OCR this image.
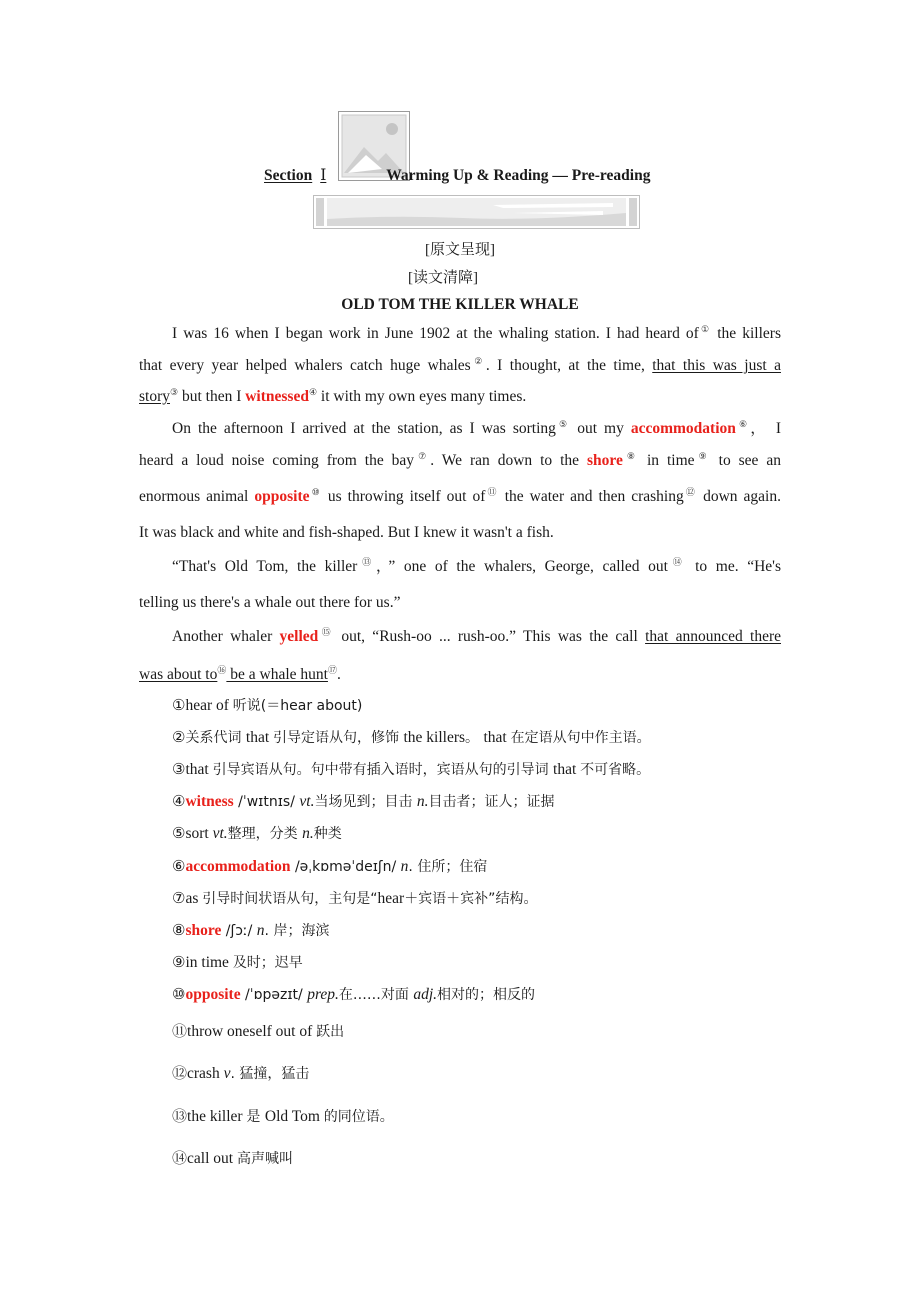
Section Ⅰ	Warming Up & Reading — Pre-reading
[原文呈现]
[读文清障]
OLD TOM THE KILLER WHALE
I was 16 when I began work in June 1902 at the whaling station. I had heard of① the killers
that every year helped whalers catch huge whales②. I thought, at the time, that this was just a
story③ but then I witnessed④ it with my own eyes many times.
On the afternoon I arrived at the station, as I was sorting⑤ out my accommodation⑥， I
heard a loud noise coming from the bay⑦. We ran down to the shore⑧ in time⑨ to see an
enormous animal opposite⑩ us throwing itself out of⑪ the water and then crashing⑫ down again.
It was black and white and fish-shaped. But I knew it wasn't a fish.
“That's Old Tom, the killer⑬，” one of the whalers, George, called out⑭ to me. “He's
telling us there's a whale out there for us.”
Another whaler yelled⑮ out, “Rush-oo ... rush-oo.” This was the call that announced there
was about to⑯ be a whale hunt⑰.
①hear of 听说(＝hear about)
②关系代词 that 引导定语从句，修饰 the killers。 that 在定语从句中作主语。
③that 引导宾语从句。句中带有插入语时，宾语从句的引导词 that 不可省略。
④witness /ˈwɪtnɪs/ vt.当场见到；目击 n.目击者；证人；证据
⑤sort vt.整理，分类 n.种类
⑥accommodation /əˌkɒməˈdeɪʃn/ n. 住所；住宿
⑦as 引导时间状语从句，主句是“hear＋宾语＋宾补”结构。
⑧shore /ʃɔː/ n. 岸；海滨
⑨in time 及时；迟早
⑩opposite /ˈɒpəzɪt/ prep.在……对面 adj.相对的；相反的
⑪throw oneself out of 跃出
⑫crash v. 猛撞，猛击
⑬the killer 是 Old Tom 的同位语。
⑭call out 高声喊叫
